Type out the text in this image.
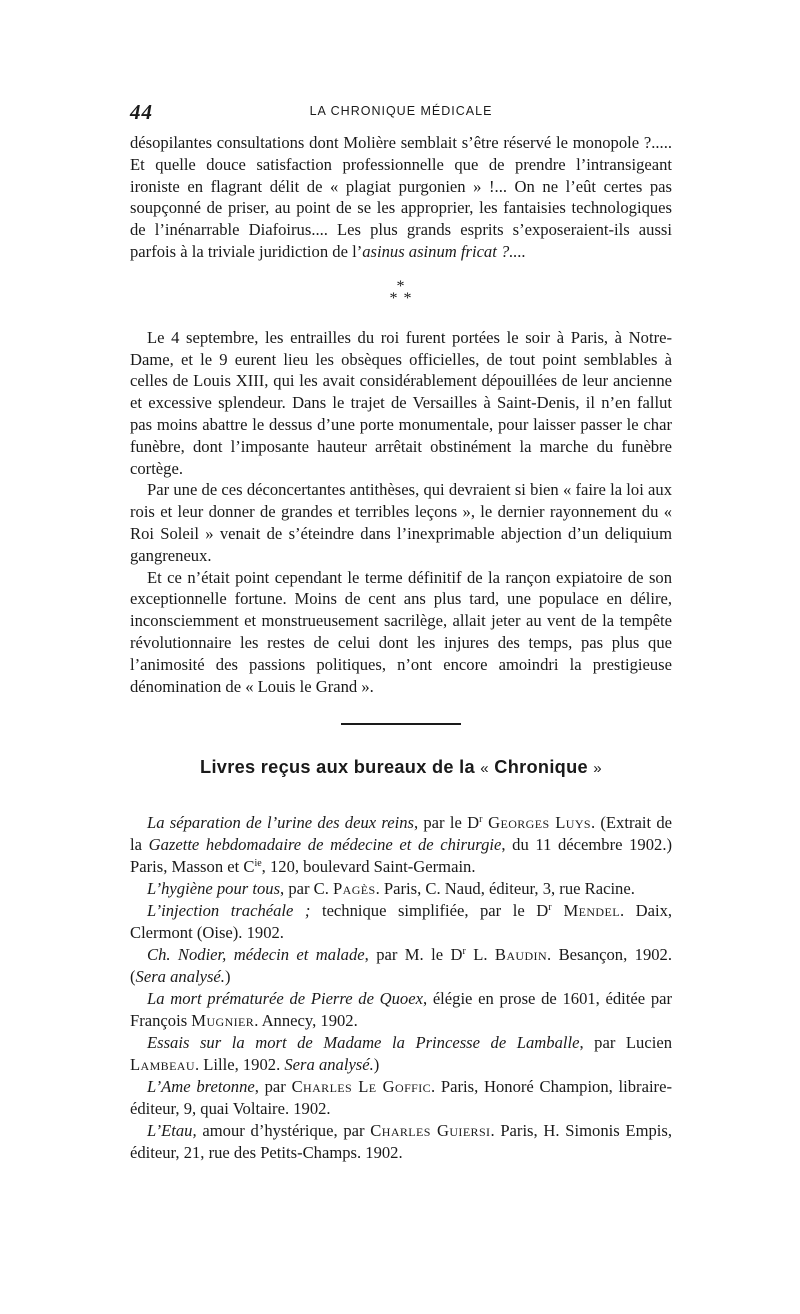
44	LA CHRONIQUE MÉDICALE

désopilantes consultations dont Molière semblait s’être réservé le monopole ?..... Et quelle douce satisfaction professionnelle que de prendre l’intransigeant ironiste en flagrant délit de « plagiat purgonien » !... On ne l’eût certes pas soupçonné de priser, au point de se les approprier, les fantaisies technologiques de l’inénarrable Diafoirus.... Les plus grands esprits s’exposeraient-ils aussi parfois à la triviale juridiction de l’asinus asinum fricat ?....

*
* *

Le 4 septembre, les entrailles du roi furent portées le soir à Paris, à Notre-Dame, et le 9 eurent lieu les obsèques officielles, de tout point semblables à celles de Louis XIII, qui les avait considérablement dépouillées de leur ancienne et excessive splendeur. Dans le trajet de Versailles à Saint-Denis, il n’en fallut pas moins abattre le dessus d’une porte monumentale, pour laisser passer le char funèbre, dont l’imposante hauteur arrêtait obstinément la marche du funèbre cortège.

Par une de ces déconcertantes antithèses, qui devraient si bien « faire la loi aux rois et leur donner de grandes et terribles leçons », le dernier rayonnement du « Roi Soleil » venait de s’éteindre dans l’inexprimable abjection d’un deliquium gangreneux.

Et ce n’était point cependant le terme définitif de la rançon expiatoire de son exceptionnelle fortune. Moins de cent ans plus tard, une populace en délire, inconsciemment et monstrueusement sacrilège, allait jeter au vent de la tempête révolutionnaire les restes de celui dont les injures des temps, pas plus que l’animosité des passions politiques, n’ont encore amoindri la prestigieuse dénomination de « Louis le Grand ».

Livres reçus aux bureaux de la « Chronique »

La séparation de l’urine des deux reins, par le $D^r$ Georges Luys. (Extrait de la Gazette hebdomadaire de médecine et de chirurgie, du 11 décembre 1902.) Paris, Masson et $C^{ie}$, 120, boulevard Saint-Germain.

L’hygiène pour tous, par C. Pagès. Paris, C. Naud, éditeur, 3, rue Racine.

L’injection trachéale ; technique simplifiée, par le $D^r$ Mendel. Daix, Clermont (Oise). 1902.

Ch. Nodier, médecin et malade, par M. le $D^r$ L. Baudin. Besançon, 1902. (Sera analysé.)

La mort prématurée de Pierre de Quoex, élégie en prose de 1601, éditée par François Mugnier. Annecy, 1902.

Essais sur la mort de Madame la Princesse de Lamballe, par Lucien Lambeau. Lille, 1902. Sera analysé.)

L’Ame bretonne, par Charles Le Goffic. Paris, Honoré Champion, libraire-éditeur, 9, quai Voltaire. 1902.

L’Etau, amour d’hystérique, par Charles Guiersi. Paris, H. Simonis Empis, éditeur, 21, rue des Petits-Champs. 1902.
